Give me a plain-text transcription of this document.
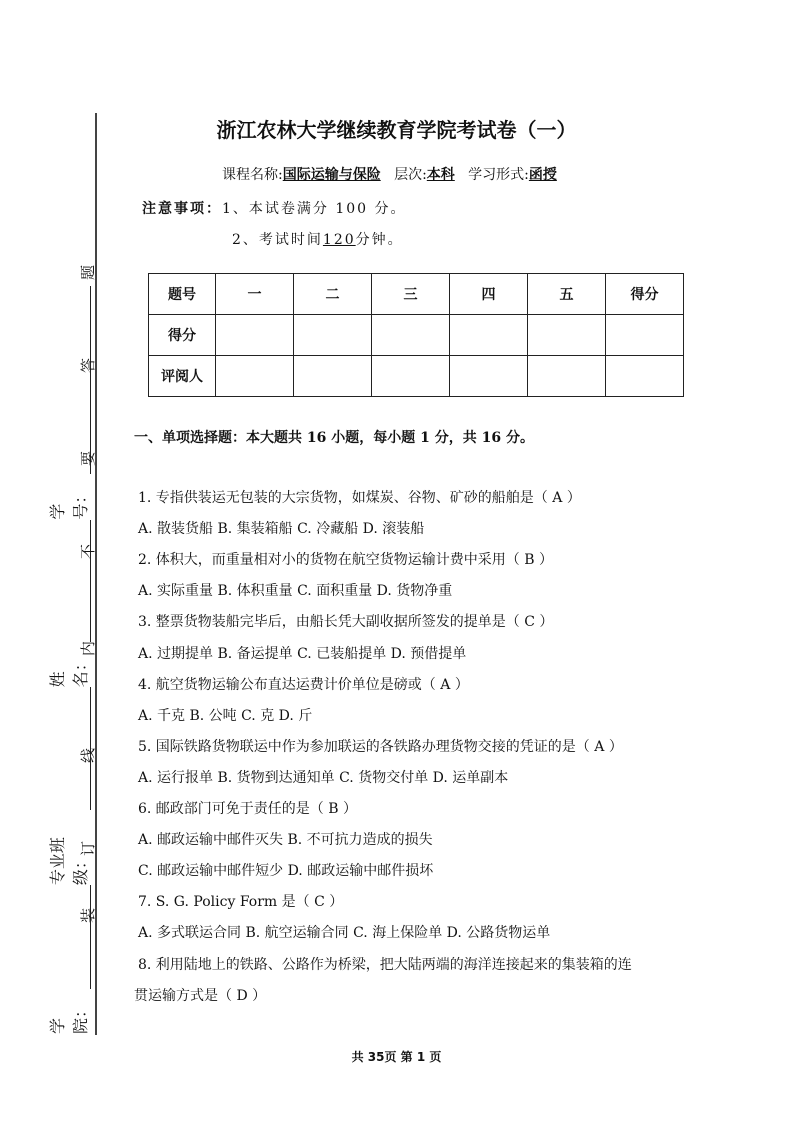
学院：
专业班级：
姓名：
学号：
装
订
线
内
不
要
答
题
浙江农林大学继续教育学院考试卷（一）
课程名称:国际运输与保险 层次:本科 学习形式:函授
注意事项：1、本试卷满分 100 分。
2、考试时间120分钟。
题号	一	二	三	四	五	得分
得分						
评阅人						
一、单项选择题：本大题共 16 小题，每小题 1 分，共 16 分。
1. 专指供装运无包装的大宗货物，如煤炭、谷物、矿砂的船舶是（ A ）
A. 散装货船 B. 集装箱船 C. 冷藏船 D. 滚装船
2. 体积大，而重量相对小的货物在航空货物运输计费中采用（ B ）
A. 实际重量 B. 体积重量 C. 面积重量 D. 货物净重
3. 整票货物装船完毕后，由船长凭大副收据所签发的提单是（ C ）
A. 过期提单 B. 备运提单 C. 已装船提单 D. 预借提单
4. 航空货物运输公布直达运费计价单位是磅或（ A ）
A. 千克 B. 公吨 C. 克 D. 斤
5. 国际铁路货物联运中作为参加联运的各铁路办理货物交接的凭证的是（ A ）
A. 运行报单 B. 货物到达通知单 C. 货物交付单 D. 运单副本
6. 邮政部门可免于责任的是（ B ）
A. 邮政运输中邮件灭失 B. 不可抗力造成的损失
C. 邮政运输中邮件短少 D. 邮政运输中邮件损坏
7. S. G. Policy Form 是（ C ）
A. 多式联运合同 B. 航空运输合同 C. 海上保险单 D. 公路货物运单
8. 利用陆地上的铁路、公路作为桥梁，把大陆两端的海洋连接起来的集装箱的连
贯运输方式是（ D ）
共 35页 第 1 页
